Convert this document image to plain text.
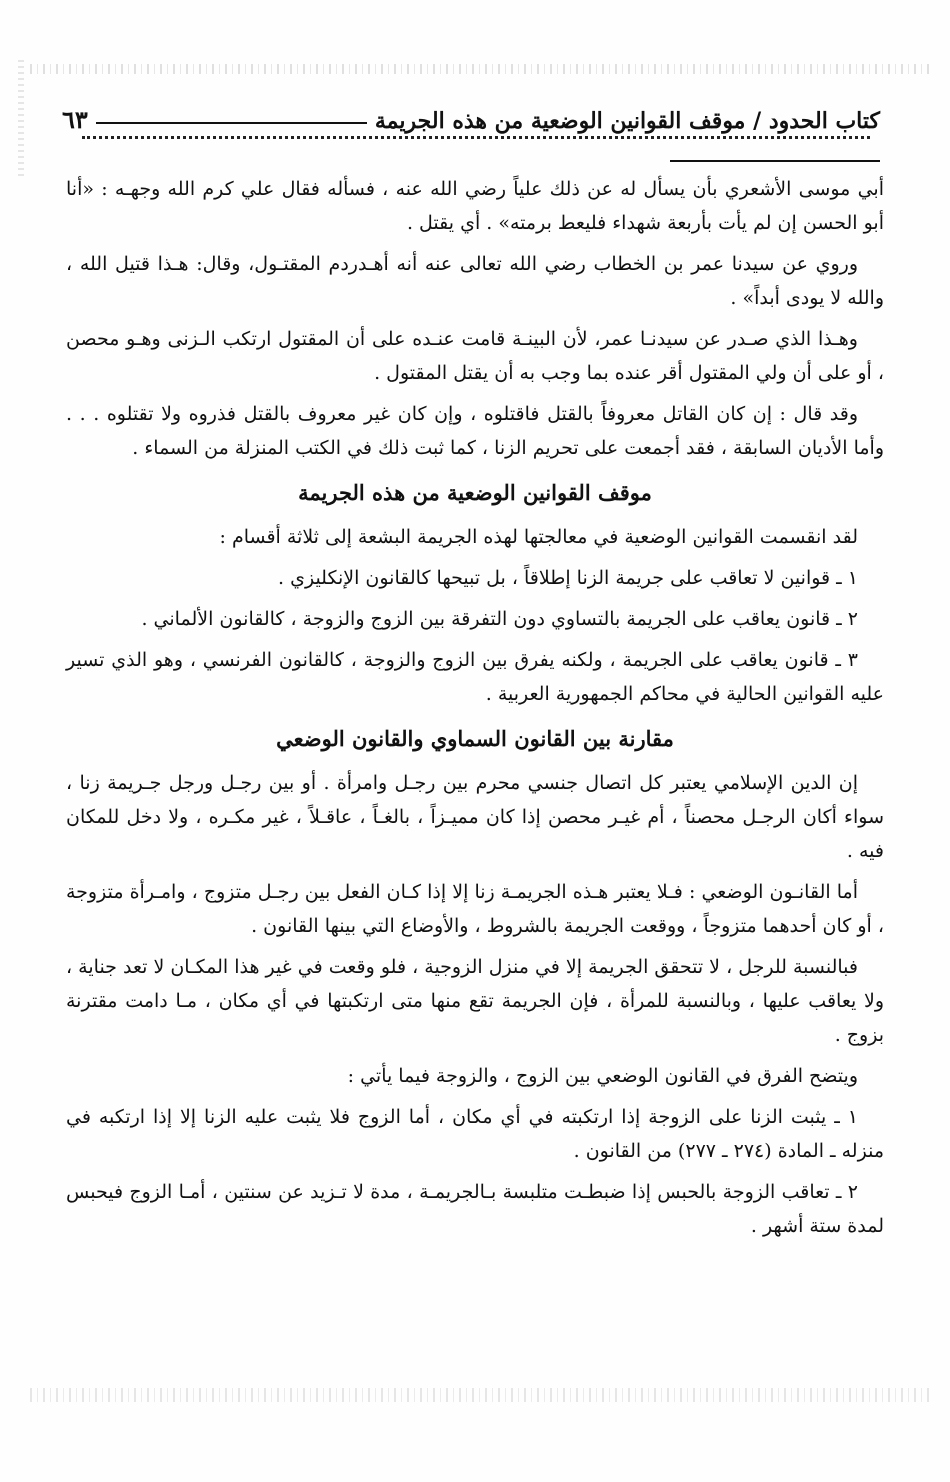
كتاب الحدود / موقف القوانين الوضعية من هذه الجريمة
٦٣

أبي موسى الأشعري بأن يسأل له عن ذلك علياً رضي الله عنه ، فسأله فقال علي كرم الله وجهـه : «أنا أبو الحسن إن لم يأت بأربعة شهداء فليعط برمته» . أي يقتل .

وروي عن سيدنا عمر بن الخطاب رضي الله تعالى عنه أنه أهـدردم المقتـول، وقال: هـذا قتيل الله ، والله لا يودى أبداً» .

وهـذا الذي صـدر عن سيدنـا عمر، لأن البينـة قامت عنـده على أن المقتول ارتكب الـزنى وهـو محصن ، أو على أن ولي المقتول أقر عنده بما وجب به أن يقتل المقتول .

وقد قال : إن كان القاتل معروفاً بالقتل فاقتلوه ، وإن كان غير معروف بالقتل فذروه ولا تقتلوه . . . وأما الأديان السابقة ، فقد أجمعت على تحريم الزنا ، كما ثبت ذلك في الكتب المنزلة من السماء .

موقف القوانين الوضعية من هذه الجريمة

لقد انقسمت القوانين الوضعية في معالجتها لهذه الجريمة البشعة إلى ثلاثة أقسام :

١ ـ قوانين لا تعاقب على جريمة الزنا إطلاقاً ، بل تبيحها كالقانون الإنكليزي .

٢ ـ قانون يعاقب على الجريمة بالتساوي دون التفرقة بين الزوج والزوجة ، كالقانون الألماني .

٣ ـ قانون يعاقب على الجريمة ، ولكنه يفرق بين الزوج والزوجة ، كالقانون الفرنسي ، وهو الذي تسير عليه القوانين الحالية في محاكم الجمهورية العربية .

مقارنة بين القانون السماوي والقانون الوضعي

إن الدين الإسلامي يعتبر كل اتصال جنسي محرم بين رجـل وامرأة . أو بين رجـل ورجل جـريمة زنا ، سواء أكان الرجـل محصناً ، أم غيـر محصن إذا كان مميـزاً ، بالغـاً ، عاقـلاً ، غير مكـره ، ولا دخل للمكان فيه .

أما القانـون الوضعي : فـلا يعتبر هـذه الجريمـة زنا إلا إذا كـان الفعل بين رجـل متزوج ، وامـرأة متزوجة ، أو كان أحدهما متزوجاً ، ووقعت الجريمة بالشروط ، والأوضاع التي بينها القانون .

فبالنسبة للرجل ، لا تتحقق الجريمة إلا في منزل الزوجية ، فلو وقعت في غير هذا المكـان لا تعد جناية ، ولا يعاقب عليها ، وبالنسبة للمرأة ، فإن الجريمة تقع منها متى ارتكبتها في أي مكان ، مـا دامت مقترنة بزوج .

ويتضح الفرق في القانون الوضعي بين الزوج ، والزوجة فيما يأتي :

١ ـ يثبت الزنا على الزوجة إذا ارتكبته في أي مكان ، أما الزوج فلا يثبت عليه الزنا إلا إذا ارتكبه في منزله ـ المادة (٢٧٤ ـ ٢٧٧) من القانون .

٢ ـ تعاقب الزوجة بالحبس إذا ضبطـت متلبسة بـالجريمـة ، مدة لا تـزيد عن سنتين ، أمـا الزوج فيحبس لمدة ستة أشهر .
